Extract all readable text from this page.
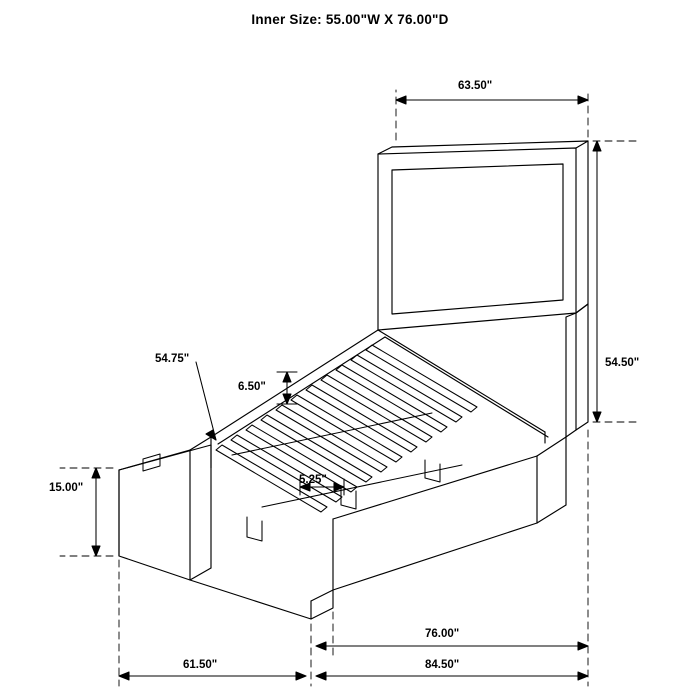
Inner Size: 55.00"W X 76.00"D
63.50"
54.50"
54.75"
6.50"
5.25"
15.00"
76.00"
61.50"	84.50"
